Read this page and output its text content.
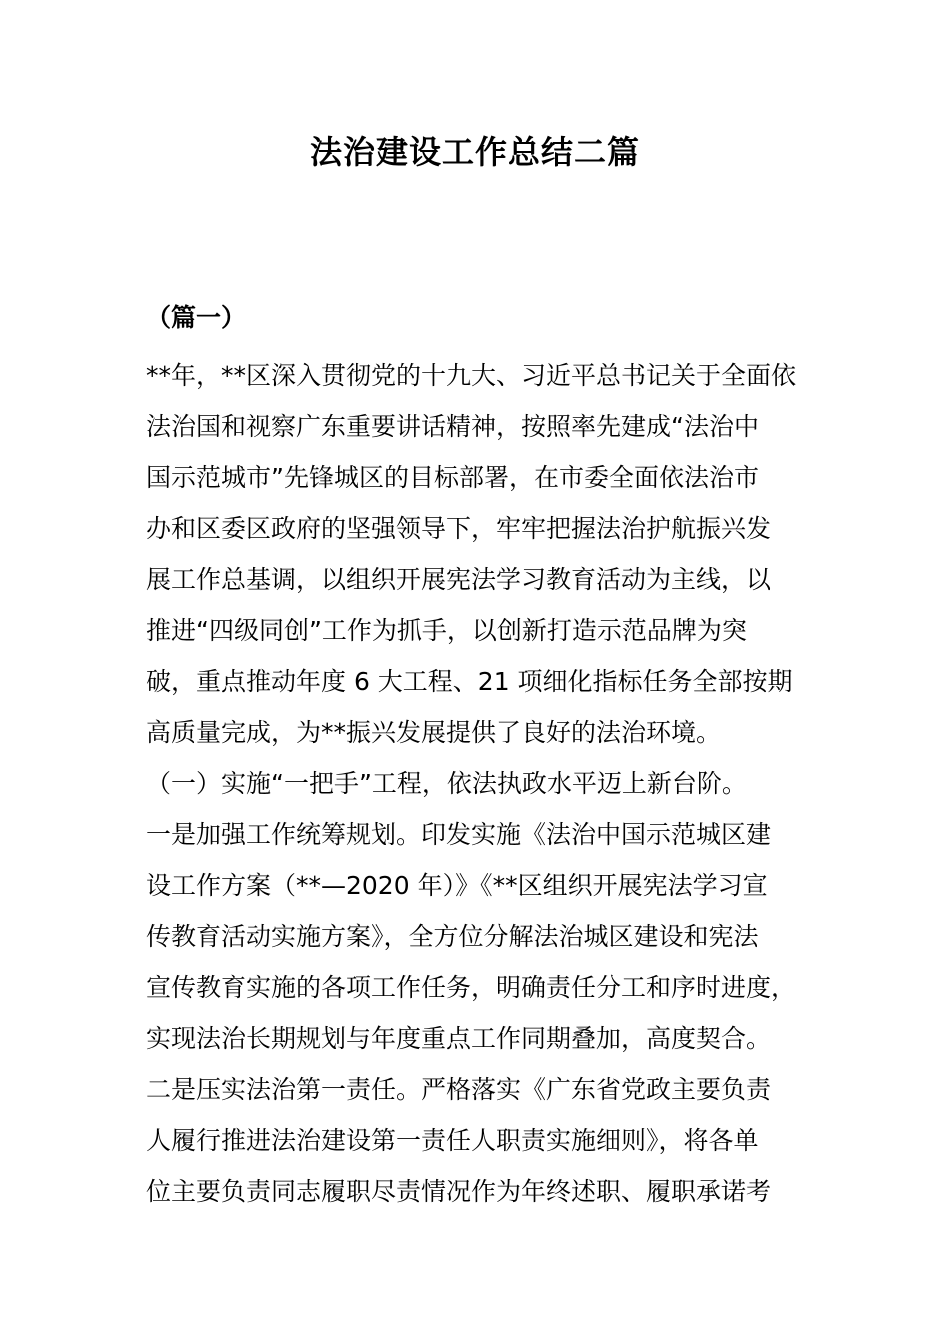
法治建设工作总结二篇
（篇一）
**年，**区深入贯彻党的十九大、习近平总书记关于全面依
法治国和视察广东重要讲话精神，按照率先建成“法治中
国示范城市”先锋城区的目标部署，在市委全面依法治市
办和区委区政府的坚强领导下，牢牢把握法治护航振兴发
展工作总基调，以组织开展宪法学习教育活动为主线，以
推进“四级同创”工作为抓手，以创新打造示范品牌为突
破，重点推动年度 6 大工程、21 项细化指标任务全部按期
高质量完成，为**振兴发展提供了良好的法治环境。
（一）实施“一把手”工程，依法执政水平迈上新台阶。
一是加强工作统筹规划。印发实施《法治中国示范城区建
设工作方案（**—2020 年）》《**区组织开展宪法学习宣
传教育活动实施方案》，全方位分解法治城区建设和宪法
宣传教育实施的各项工作任务，明确责任分工和序时进度，
实现法治长期规划与年度重点工作同期叠加，高度契合。
二是压实法治第一责任。严格落实《广东省党政主要负责
人履行推进法治建设第一责任人职责实施细则》，将各单
位主要负责同志履职尽责情况作为年终述职、履职承诺考
